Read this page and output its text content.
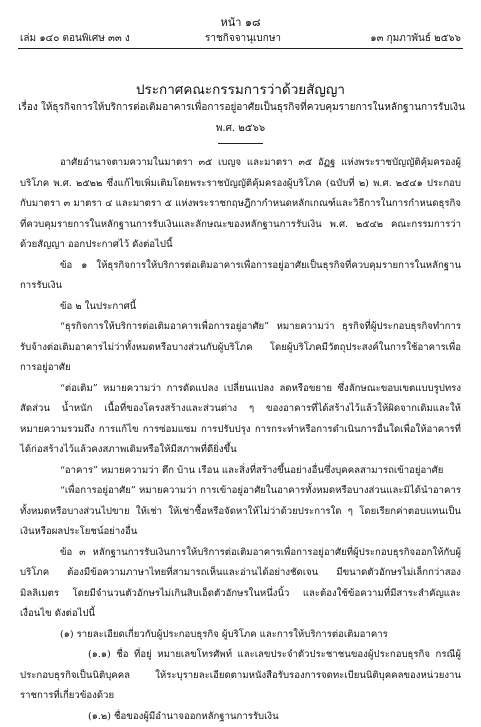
หน้า ๑๘
เล่ม ๑๔๐ ตอนพิเศษ ๓๓ ง	ราชกิจจานุเบกษา	๑๓ กุมภาพันธ์ ๒๕๖๖
ประกาศคณะกรรมการว่าด้วยสัญญา
เรื่อง ให้ธุรกิจการให้บริการต่อเติมอาคารเพื่อการอยู่อาศัยเป็นธุรกิจที่ควบคุมรายการในหลักฐานการรับเงิน
พ.ศ. ๒๕๖๖

อาศัยอำนาจตามความในมาตรา ๓๕ เบญจ และมาตรา ๓๕ อัฏฐ แห่งพระราชบัญญัติคุ้มครองผู้บริโภค พ.ศ. ๒๕๒๒ ซึ่งแก้ไขเพิ่มเติมโดยพระราชบัญญัติคุ้มครองผู้บริโภค (ฉบับที่ ๒) พ.ศ. ๒๕๔๑ ประกอบกับมาตรา ๓ มาตรา ๔ และมาตรา ๕ แห่งพระราชกฤษฎีกากำหนดหลักเกณฑ์และวิธีการในการกำหนดธุรกิจที่ควบคุมรายการในหลักฐานการรับเงินและลักษณะของหลักฐานการรับเงิน พ.ศ. ๒๕๔๒ คณะกรรมการว่าด้วยสัญญา ออกประกาศไว้ ดังต่อไปนี้

ข้อ ๑ ให้ธุรกิจการให้บริการต่อเติมอาคารเพื่อการอยู่อาศัยเป็นธุรกิจที่ควบคุมรายการในหลักฐานการรับเงิน

ข้อ ๒ ในประกาศนี้

“ธุรกิจการให้บริการต่อเติมอาคารเพื่อการอยู่อาศัย” หมายความว่า ธุรกิจที่ผู้ประกอบธุรกิจทำการรับจ้างต่อเติมอาคารไม่ว่าทั้งหมดหรือบางส่วนกับผู้บริโภค โดยผู้บริโภคมีวัตถุประสงค์ในการใช้อาคารเพื่อการอยู่อาศัย

“ต่อเติม” หมายความว่า การดัดแปลง เปลี่ยนแปลง ลดหรือขยาย ซึ่งลักษณะขอบเขตแบบรูปทรง สัดส่วน น้ำหนัก เนื้อที่ของโครงสร้างและส่วนต่าง ๆ ของอาคารที่ได้สร้างไว้แล้วให้ผิดจากเดิมและให้หมายความรวมถึง การแก้ไข การซ่อมแซม การปรับปรุง การกระทำหรือการดำเนินการอื่นใดเพื่อให้อาคารที่ได้ก่อสร้างไว้แล้วคงสภาพเดิมหรือให้มีสภาพที่ดียิ่งขึ้น

“อาคาร” หมายความว่า ตึก บ้าน เรือน และสิ่งที่สร้างขึ้นอย่างอื่นซึ่งบุคคลสามารถเข้าอยู่อาศัย

“เพื่อการอยู่อาศัย” หมายความว่า การเข้าอยู่อาศัยในอาคารทั้งหมดหรือบางส่วนและมิได้นำอาคารทั้งหมดหรือบางส่วนไปขาย ให้เช่า ให้เช่าซื้อหรือจัดหาให้ไม่ว่าด้วยประการใด ๆ โดยเรียกค่าตอบแทนเป็นเงินหรือผลประโยชน์อย่างอื่น

ข้อ ๓ หลักฐานการรับเงินการให้บริการต่อเติมอาคารเพื่อการอยู่อาศัยที่ผู้ประกอบธุรกิจออกให้กับผู้บริโภค ต้องมีข้อความภาษาไทยที่สามารถเห็นและอ่านได้อย่างชัดเจน มีขนาดตัวอักษรไม่เล็กกว่าสองมิลลิเมตร โดยมีจำนวนตัวอักษรไม่เกินสิบเอ็ดตัวอักษรในหนึ่งนิ้ว และต้องใช้ข้อความที่มีสาระสำคัญและเงื่อนไข ดังต่อไปนี้

(๑) รายละเอียดเกี่ยวกับผู้ประกอบธุรกิจ ผู้บริโภค และการให้บริการต่อเติมอาคาร

(๑.๑) ชื่อ ที่อยู่ หมายเลขโทรศัพท์ และเลขประจำตัวประชาชนของผู้ประกอบธุรกิจ กรณีผู้ประกอบธุรกิจเป็นนิติบุคคล ให้ระบุรายละเอียดตามหนังสือรับรองการจดทะเบียนนิติบุคคลของหน่วยงานราชการที่เกี่ยวข้องด้วย

(๑.๒) ชื่อของผู้มีอำนาจออกหลักฐานการรับเงิน
